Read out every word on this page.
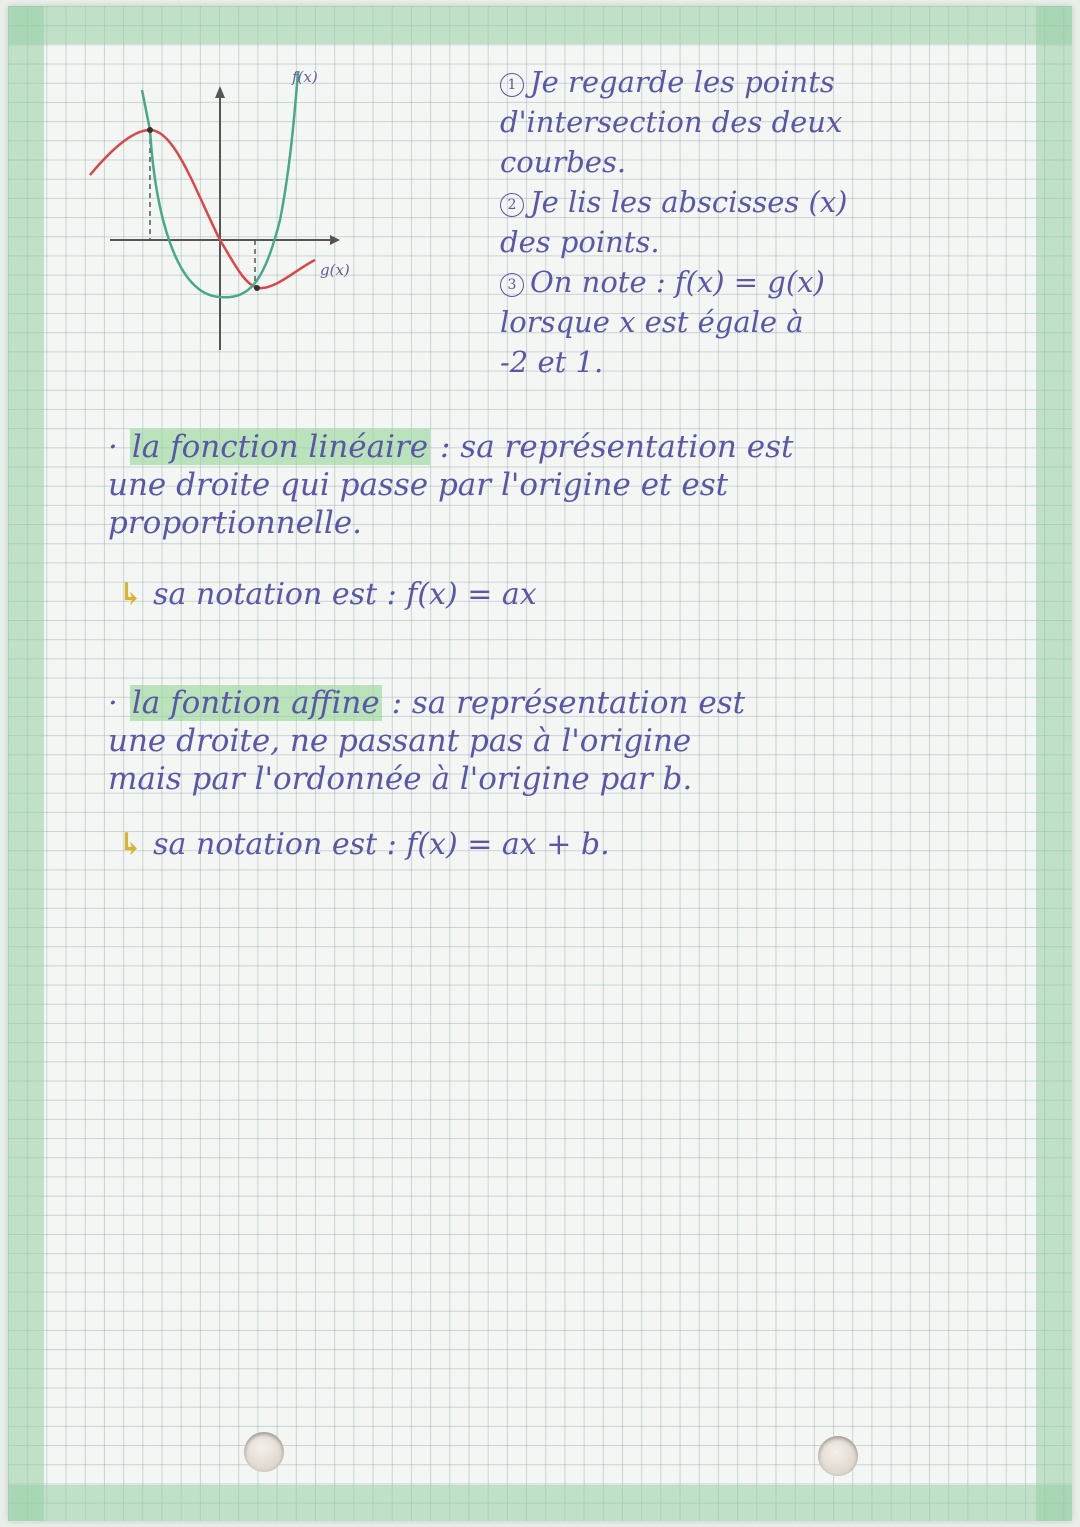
f(x)
g(x)

1 Je regarde les points

d'intersection des deux

courbes.

2 Je lis les abscisses (x)

des points.

3 On note : f(x) = g(x)

lorsque x est égale à

-2 et 1.

· la fonction linéaire : sa représentation est

une droite qui passe par l'origine et est

proportionnelle.

↳ sa notation est : f(x) = ax

· la fontion affine : sa représentation est

une droite, ne passant pas à l'origine

mais par l'ordonnée à l'origine par b.

↳ sa notation est : f(x) = ax + b.
